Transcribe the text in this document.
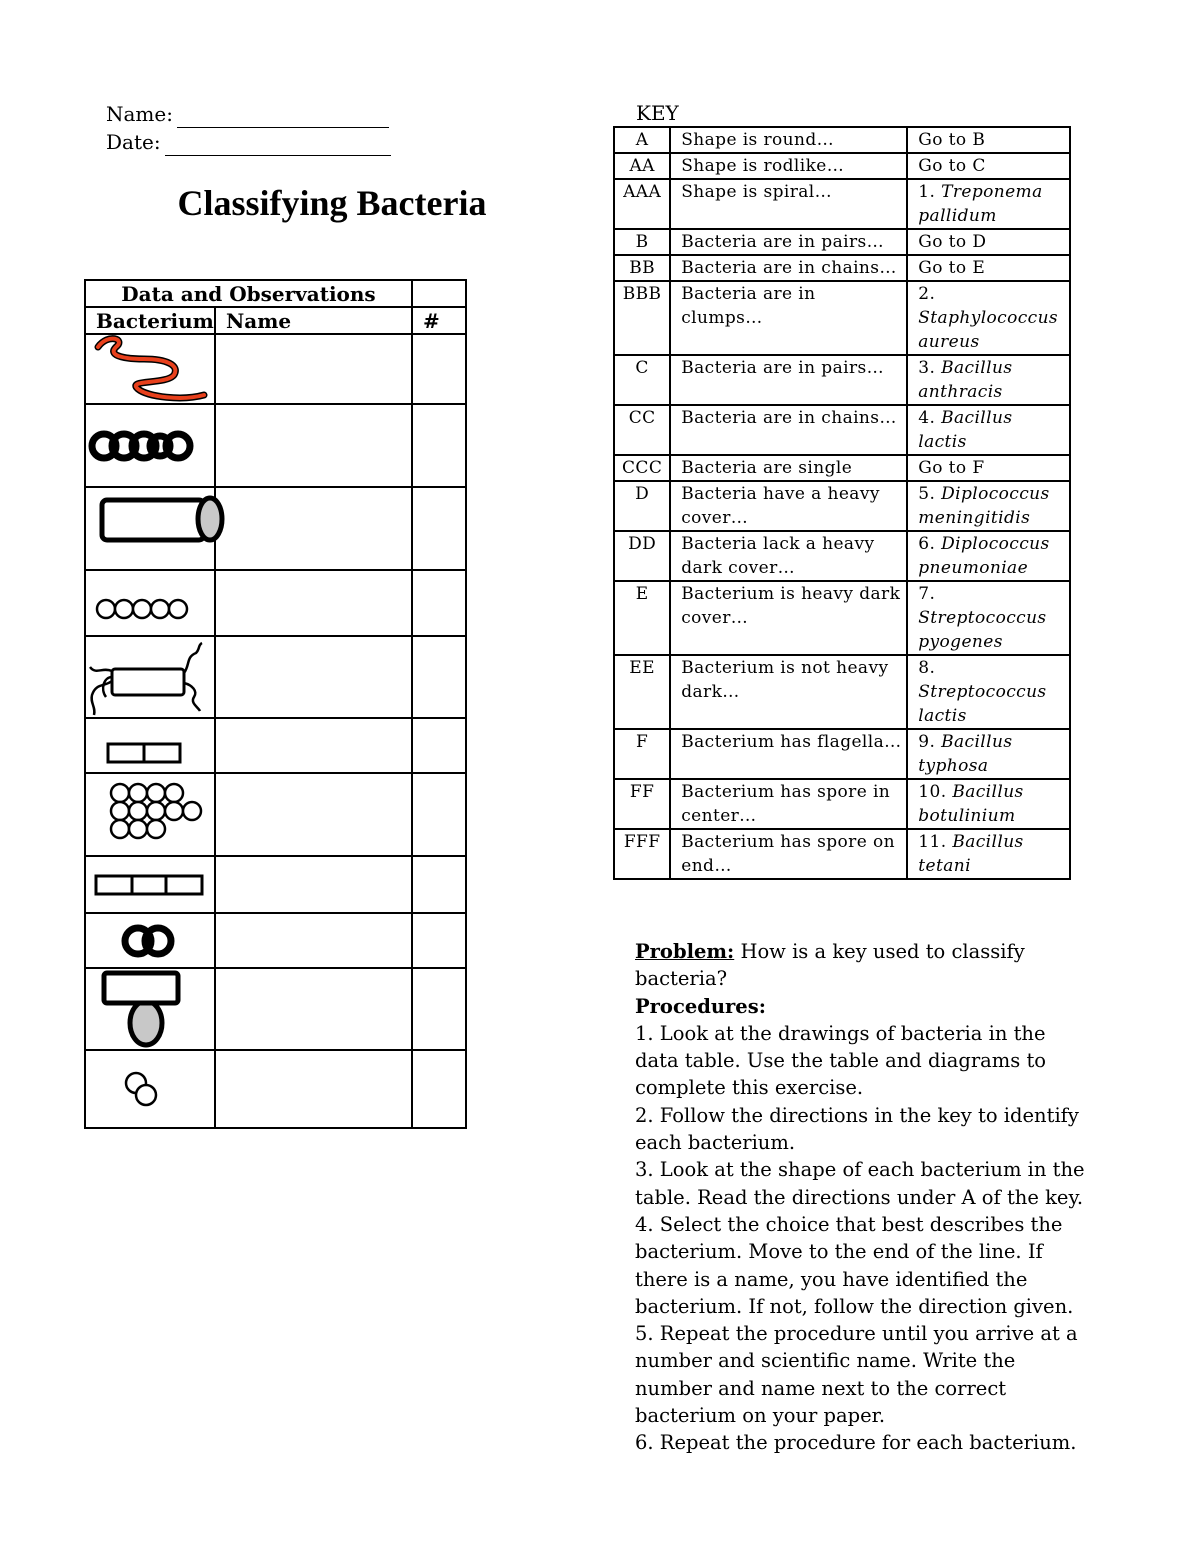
Name:
Date:
Classifying Bacteria
Data and Observations		
Bacterium	Name	#

KEY
A	Shape is round…	Go to B
AA	Shape is rodlike…	Go to C
AAA	Shape is spiral…	1. Treponema pallidum
B	Bacteria are in pairs…	Go to D
BB	Bacteria are in chains…	Go to E
BBB	Bacteria are in clumps…	2. Staphylococcus aureus
C	Bacteria are in pairs…	3. Bacillus anthracis
CC	Bacteria are in chains…	4. Bacillus lactis
CCC	Bacteria are single	Go to F
D	Bacteria have a heavy cover…	5. Diplococcus meningitidis
DD	Bacteria lack a heavy dark cover…	6. Diplococcus pneumoniae
E	Bacterium is heavy dark cover…	7. Streptococcus pyogenes
EE	Bacterium is not heavy dark…	8. Streptococcus lactis
F	Bacterium has flagella…	9. Bacillus typhosa
FF	Bacterium has spore in center…	10. Bacillus botulinium
FFF	Bacterium has spore on end…	11. Bacillus tetani

Problem: How is a key used to classify bacteria?

Procedures:

1. Look at the drawings of bacteria in the data table. Use the table and diagrams to complete this exercise.

2. Follow the directions in the key to identify each bacterium.

3. Look at the shape of each bacterium in the table. Read the directions under A of the key.

4. Select the choice that best describes the bacterium. Move to the end of the line. If there is a name, you have identified the bacterium. If not, follow the direction given.

5. Repeat the procedure until you arrive at a number and scientific name. Write the number and name next to the correct bacterium on your paper.

6. Repeat the procedure for each bacterium.
